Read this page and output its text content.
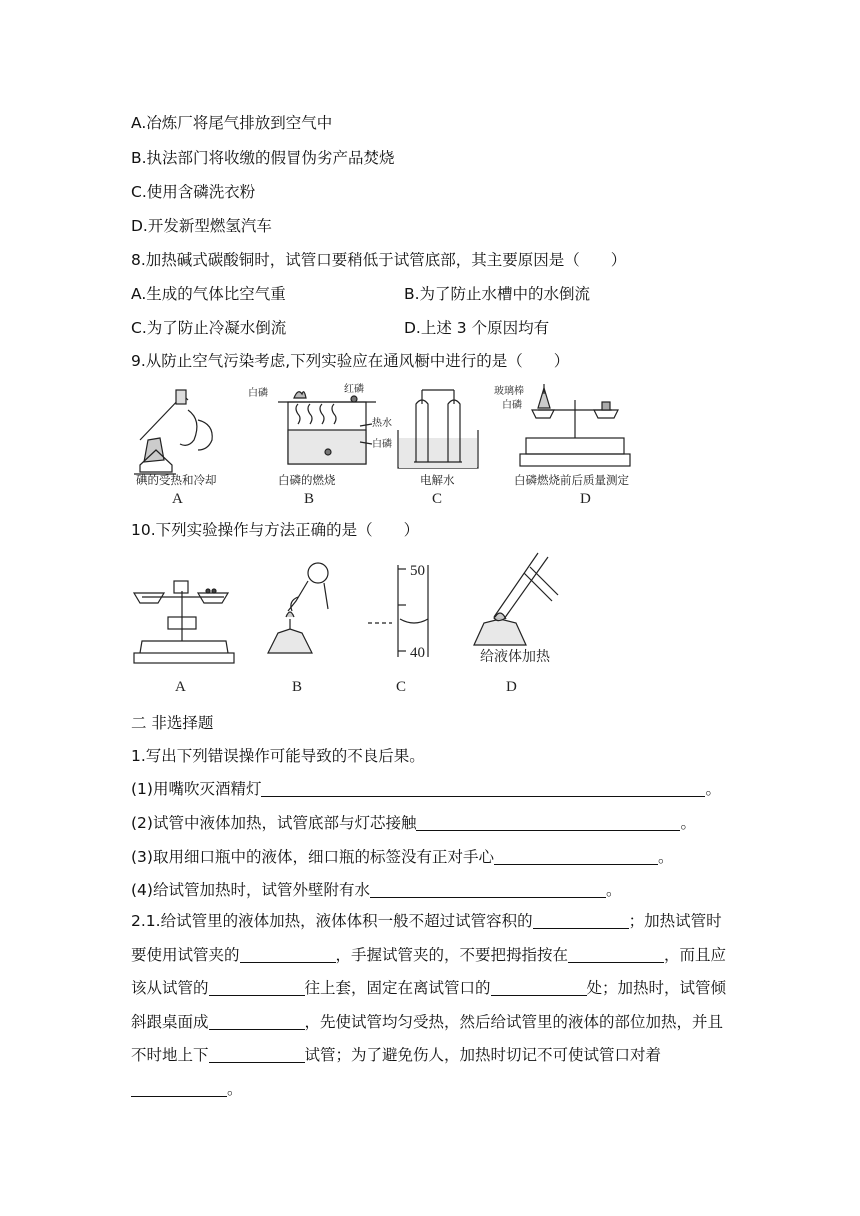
A.冶炼厂将尾气排放到空气中
B.执法部门将收缴的假冒伪劣产品焚烧
C.使用含磷洗衣粉
D.开发新型燃氢汽车
8.加热碱式碳酸铜时，试管口要稍低于试管底部，其主要原因是（　　）
A.生成的气体比空气重	B.为了防止水槽中的水倒流
C.为了防止冷凝水倒流	D.上述 3 个原因均有
9.从防止空气污染考虑,下列实验应在通风橱中进行的是（　　）
碘的受热和冷却
A
白磷	红磷
热水
白磷
白磷的燃烧
B
电解水
C
玻璃棒
白磷
白磷燃烧前后质量测定
D
10.下列实验操作与方法正确的是（　　）
A	B
50
40
C
给液体加热
D
二 非选择题
1.写出下列错误操作可能导致的不良后果。
(1)用嘴吹灭酒精灯	。
(2)试管中液体加热，试管底部与灯芯接触	。
(3)取用细口瓶中的液体，细口瓶的标签没有正对手心	。
(4)给试管加热时，试管外壁附有水	。
2.1.给试管里的液体加热，液体体积一般不超过试管容积的	；加热试管时要使用试管夹的	，手握试管夹的，不要把拇指按在	，而且应该从试管的	往上套，固定在离试管口的	处；加热时，试管倾斜跟桌面成	，先使试管均匀受热，然后给试管里的液体的部位加热，并且不时地上下	试管；为了避免伤人，加热时切记不可使试管口对着。
